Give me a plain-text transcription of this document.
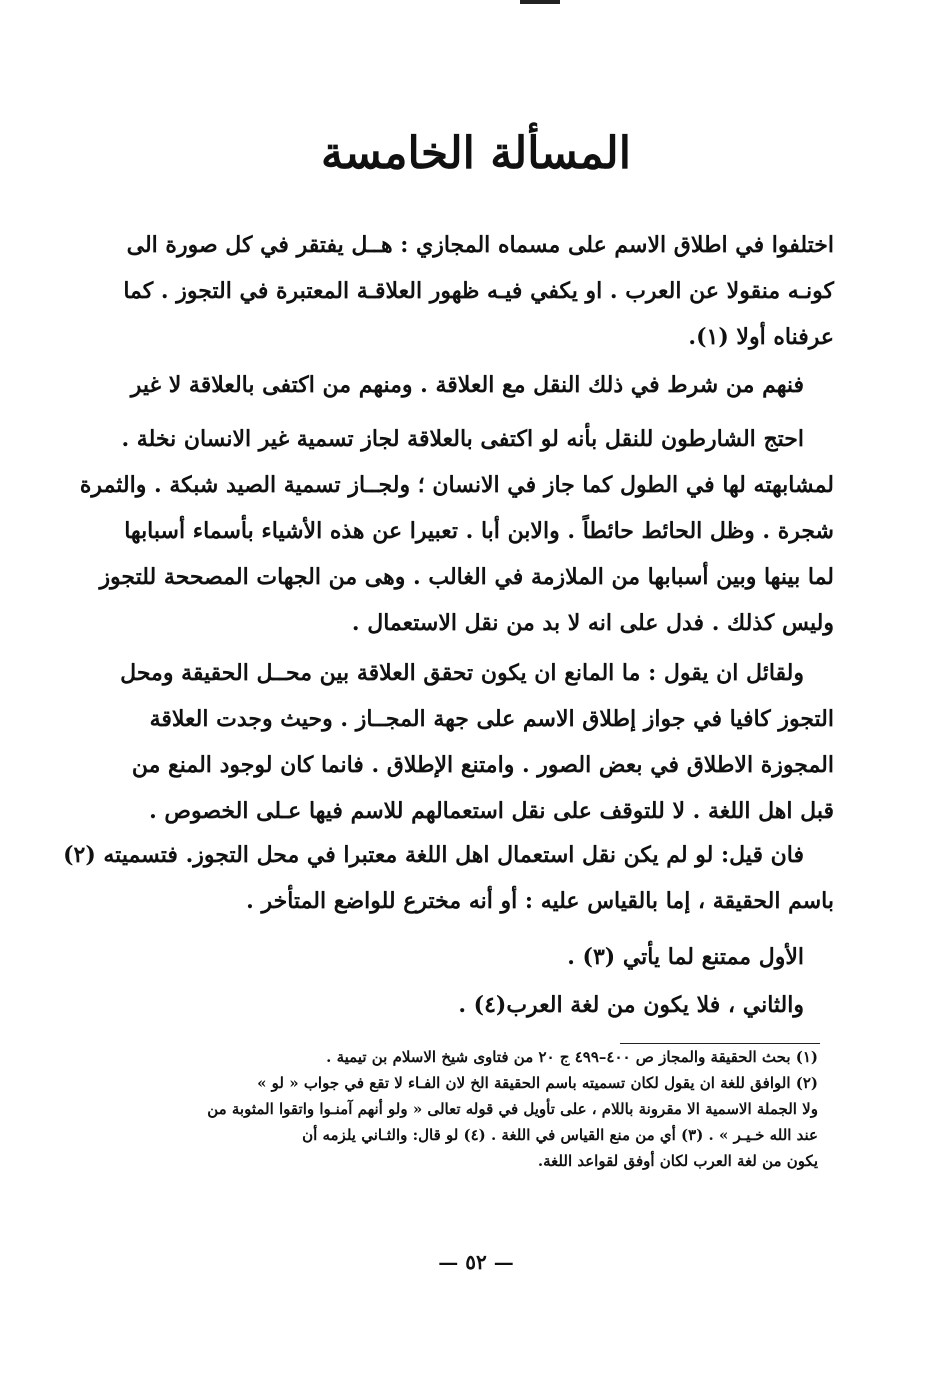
المسألة الخامسة
اختلفوا في اطلاق الاسم على مسماه المجازي : هــل يفتقر في كل صورة الى
كونـه منقولا عن العرب . او يكفي فيـه ظهور العلاقـة المعتبرة في التجوز . كما
عرفناه أولا (١).
فنهم من شرط في ذلك النقل مع العلاقة . ومنهم من اكتفى بالعلاقة لا غير
احتج الشارطون للنقل بأنه لو اكتفى بالعلاقة لجاز تسمية غير الانسان نخلة .
لمشابهته لها في الطول كما جاز في الانسان ؛ ولجــاز تسمية الصيد شبكة . والثمرة
شجرة . وظل الحائط حائطاً . والابن أبا . تعبيرا عن هذه الأشياء بأسماء أسبابها
لما بينها وبين أسبابها من الملازمة في الغالب . وهى من الجهات المصححة للتجوز
وليس كذلك . فدل على انه لا بد من نقل الاستعمال .
ولقائل ان يقول : ما المانع ان يكون تحقق العلاقة بين محــل الحقيقة ومحل
التجوز كافيا في جواز إطلاق الاسم على جهة المجــاز . وحيث وجدت العلاقة
المجوزة الاطلاق في بعض الصور . وامتنع الإطلاق . فانما كان لوجود المنع من
قبل اهل اللغة . لا للتوقف على نقل استعمالهم للاسم فيها عـلى الخصوص .
فان قيل: لو لم يكن نقل استعمال اهل اللغة معتبرا في محل التجوز. فتسميته (٢)
باسم الحقيقة ، إما بالقياس عليه : أو أنه مخترع للواضع المتأخر .
الأول ممتنع لما يأتي (٣) .
والثاني ، فلا يكون من لغة العرب(٤) .
(١) بحث الحقيقة والمجاز ص ٤٠٠–٤٩٩ ج ٢٠ من فتاوى شيخ الاسلام بن تيمية .
(٢) الوافق للغة ان يقول لكان تسميته باسم الحقيقة الخ لان الفـاء لا تقع في جواب « لو »
ولا الجملة الاسمية الا مقرونة باللام ، على تأويل في قوله تعالى « ولو أنهم آمنـوا واتقوا المثوبة من
عند الله خـيـر » . (٣) أي من منع القياس في اللغة . (٤) لو قال: والثـاني يلزمه أن
يكون من لغة العرب لكان أوفق لقواعد اللغة.
— ٥٢ —
